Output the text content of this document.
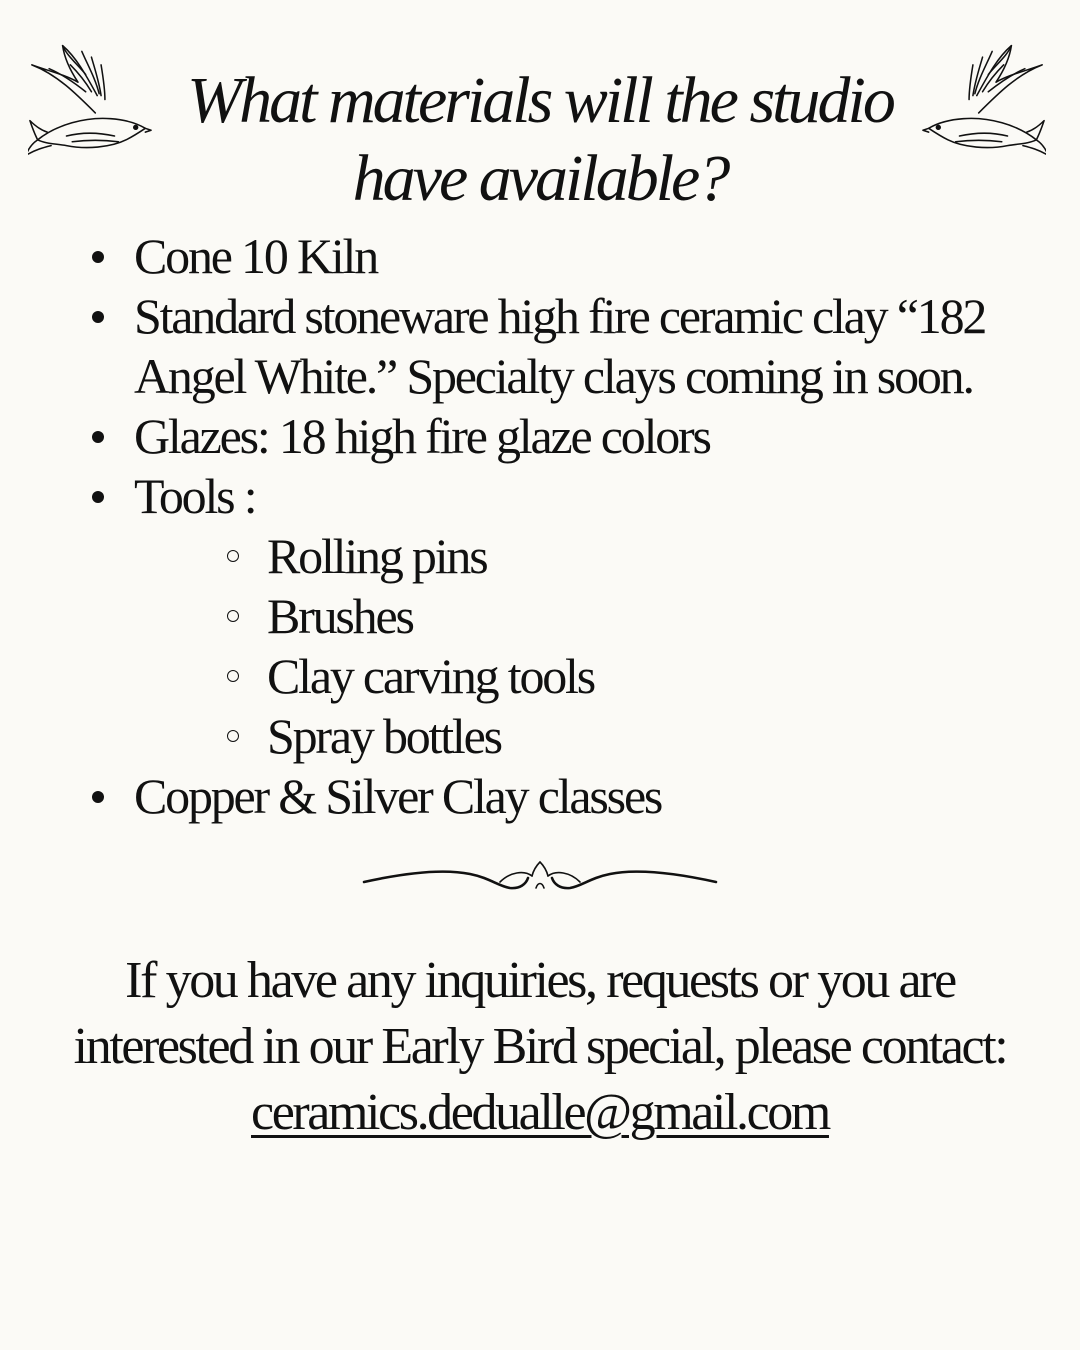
What materials will the studio have available?
Cone 10 Kiln
Standard stoneware high fire ceramic clay “182 Angel White.” Specialty clays coming in soon.
Glazes: 18 high fire glaze colors
Tools :
Rolling pins
Brushes
Clay carving tools
Spray bottles
Copper & Silver Clay classes

If you have any inquiries, requests or you are interested in our Early Bird special, please contact:

ceramics.dedualle@gmail.com
